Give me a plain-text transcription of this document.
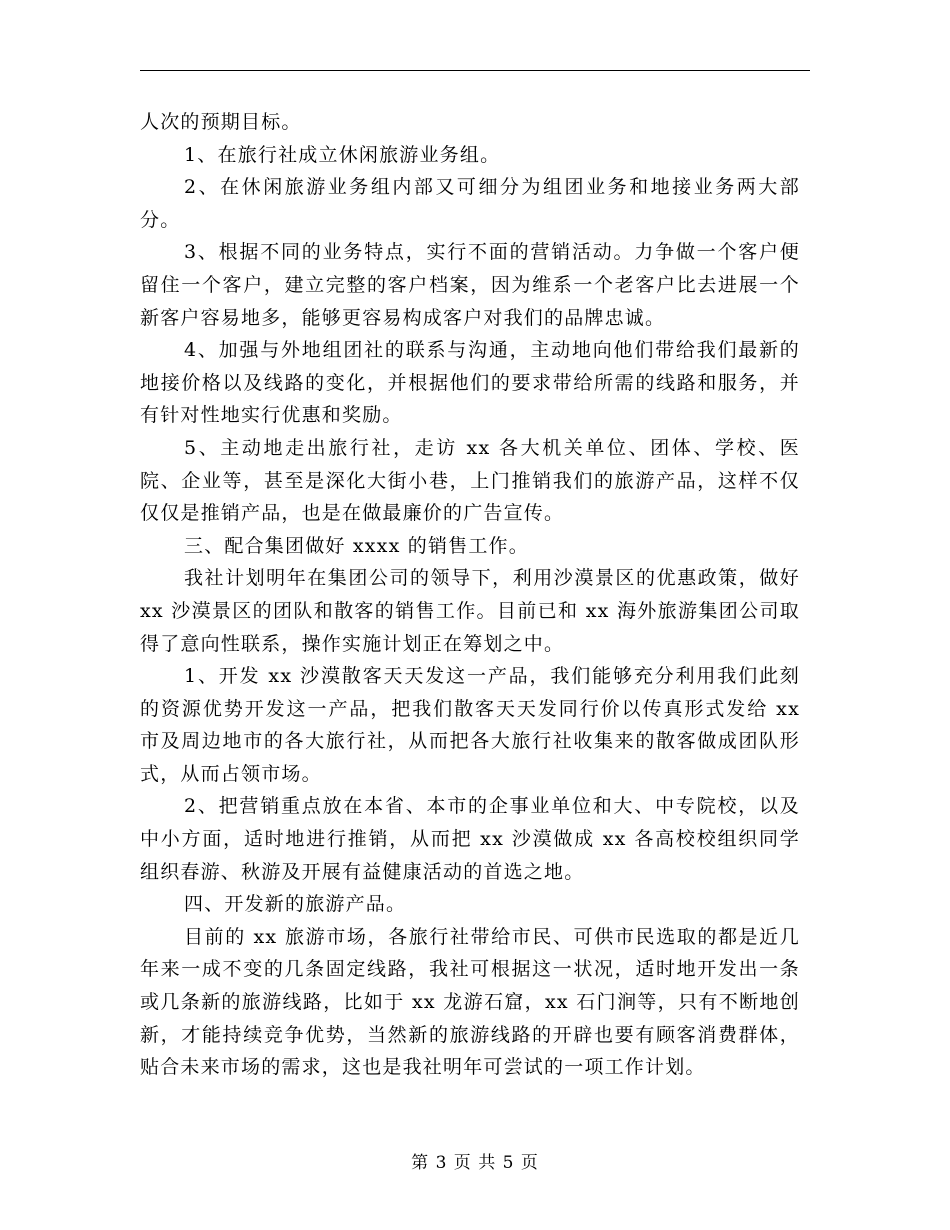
人次的预期目标。

1、在旅行社成立休闲旅游业务组。

2、在休闲旅游业务组内部又可细分为组团业务和地接业务两大部分。

3、根据不同的业务特点，实行不面的营销活动。力争做一个客户便留住一个客户，建立完整的客户档案，因为维系一个老客户比去进展一个新客户容易地多，能够更容易构成客户对我们的品牌忠诚。

4、加强与外地组团社的联系与沟通，主动地向他们带给我们最新的地接价格以及线路的变化，并根据他们的要求带给所需的线路和服务，并有针对性地实行优惠和奖励。

5、主动地走出旅行社，走访 xx 各大机关单位、团体、学校、医院、企业等，甚至是深化大街小巷，上门推销我们的旅游产品，这样不仅仅仅是推销产品，也是在做最廉价的广告宣传。

三、配合集团做好 xxxx 的销售工作。

我社计划明年在集团公司的领导下，利用沙漠景区的优惠政策，做好 xx 沙漠景区的团队和散客的销售工作。目前已和 xx 海外旅游集团公司取得了意向性联系，操作实施计划正在筹划之中。

1、开发 xx 沙漠散客天天发这一产品，我们能够充分利用我们此刻的资源优势开发这一产品，把我们散客天天发同行价以传真形式发给 xx 市及周边地市的各大旅行社，从而把各大旅行社收集来的散客做成团队形式，从而占领市场。

2、把营销重点放在本省、本市的企事业单位和大、中专院校，以及中小方面，适时地进行推销，从而把 xx 沙漠做成 xx 各高校校组织同学组织春游、秋游及开展有益健康活动的首选之地。

四、开发新的旅游产品。

目前的 xx 旅游市场，各旅行社带给市民、可供市民选取的都是近几年来一成不变的几条固定线路，我社可根据这一状况，适时地开发出一条或几条新的旅游线路，比如于 xx 龙游石窟，xx 石门涧等，只有不断地创新，才能持续竞争优势，当然新的旅游线路的开辟也要有顾客消费群体，贴合未来市场的需求，这也是我社明年可尝试的一项工作计划。

第 3 页 共 5 页
